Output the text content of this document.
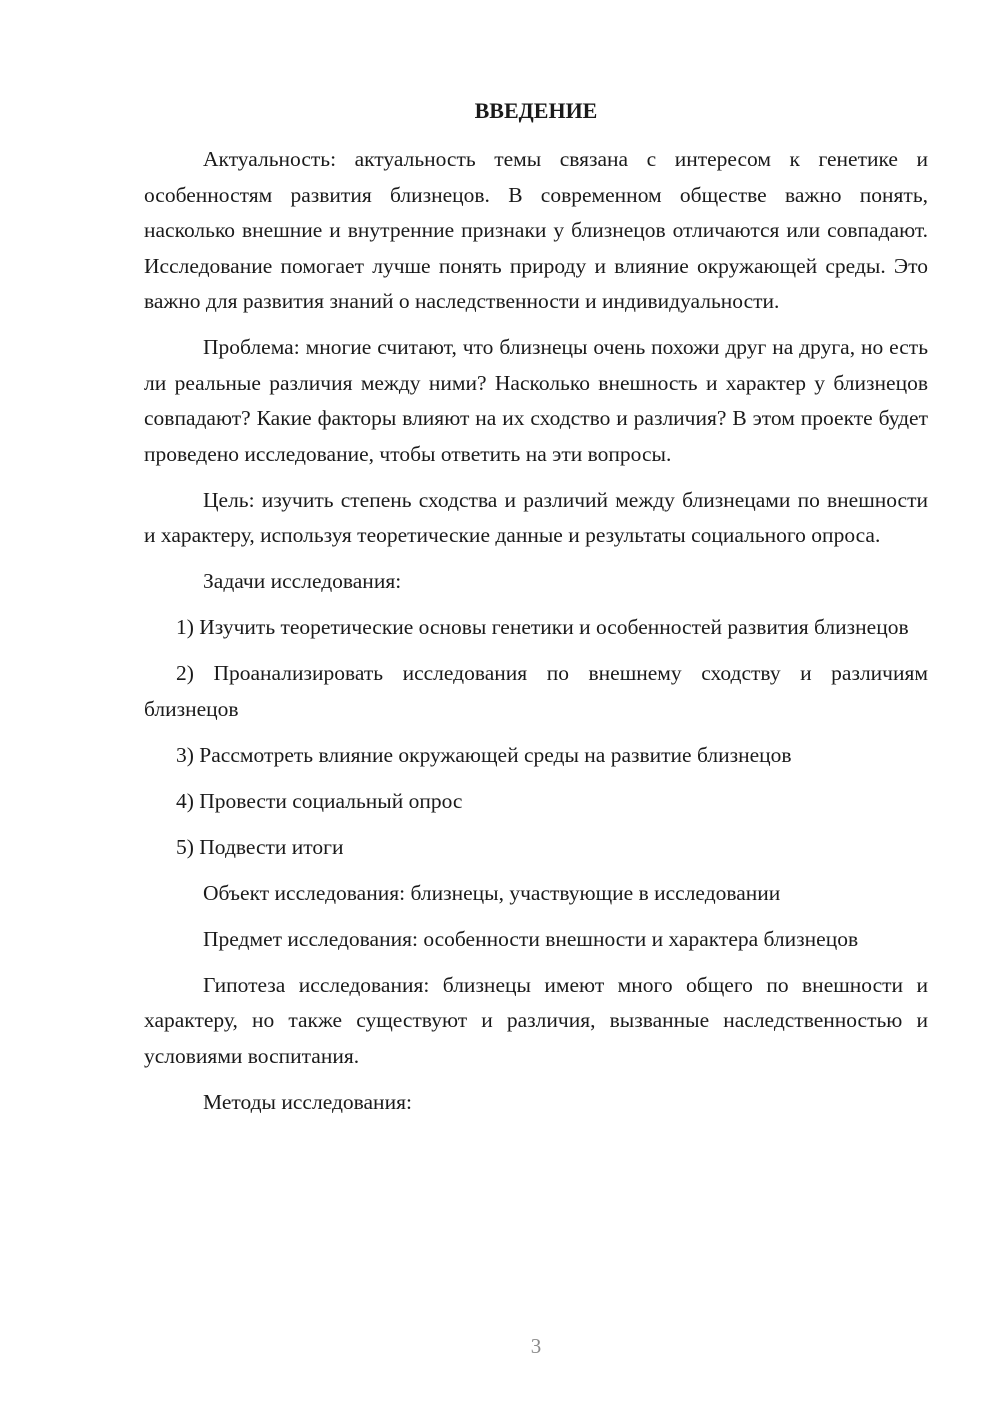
ВВЕДЕНИЕ

Актуальность: актуальность темы связана с интересом к генетике и особенностям развития близнецов. В современном обществе важно понять, насколько внешние и внутренние признаки у близнецов отличаются или совпадают. Исследование помогает лучше понять природу и влияние окружающей среды. Это важно для развития знаний о наследственности и индивидуальности.

Проблема: многие считают, что близнецы очень похожи друг на друга, но есть ли реальные различия между ними? Насколько внешность и характер у близнецов совпадают? Какие факторы влияют на их сходство и различия? В этом проекте будет проведено исследование, чтобы ответить на эти вопросы.

Цель: изучить степень сходства и различий между близнецами по внешности и характеру, используя теоретические данные и результаты социального опроса.

Задачи исследования:

1) Изучить теоретические основы генетики и особенностей развития близнецов

2) Проанализировать исследования по внешнему сходству и различиям близнецов

3) Рассмотреть влияние окружающей среды на развитие близнецов

4) Провести социальный опрос

5) Подвести итоги

Объект исследования: близнецы, участвующие в исследовании

Предмет исследования: особенности внешности и характера близнецов

Гипотеза исследования: близнецы имеют много общего по внешности и характеру, но также существуют и различия, вызванные наследственностью и условиями воспитания.

Методы исследования:

3
